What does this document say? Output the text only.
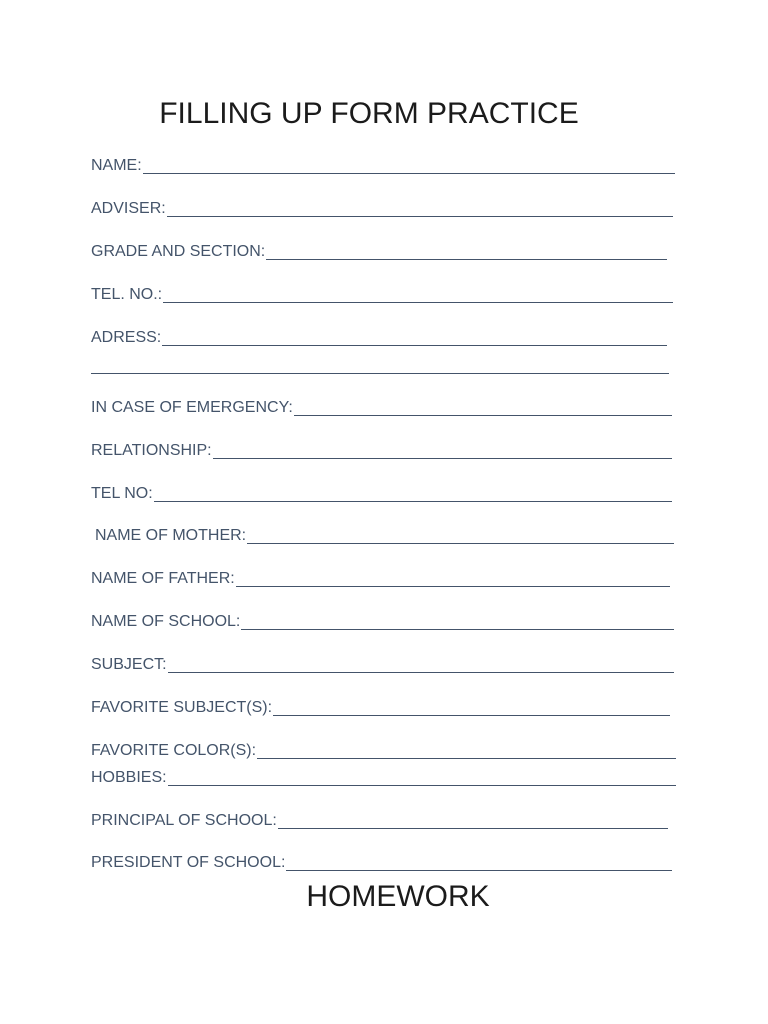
FILLING UP FORM PRACTICE
NAME:
ADVISER:
GRADE AND SECTION:
TEL. NO.:
ADRESS:
IN CASE OF EMERGENCY:
RELATIONSHIP:
TEL NO:
NAME OF MOTHER:
NAME OF FATHER:
NAME OF SCHOOL:
SUBJECT:
FAVORITE SUBJECT(S):
FAVORITE COLOR(S):
HOBBIES:
PRINCIPAL OF SCHOOL:
PRESIDENT OF SCHOOL:
HOMEWORK
